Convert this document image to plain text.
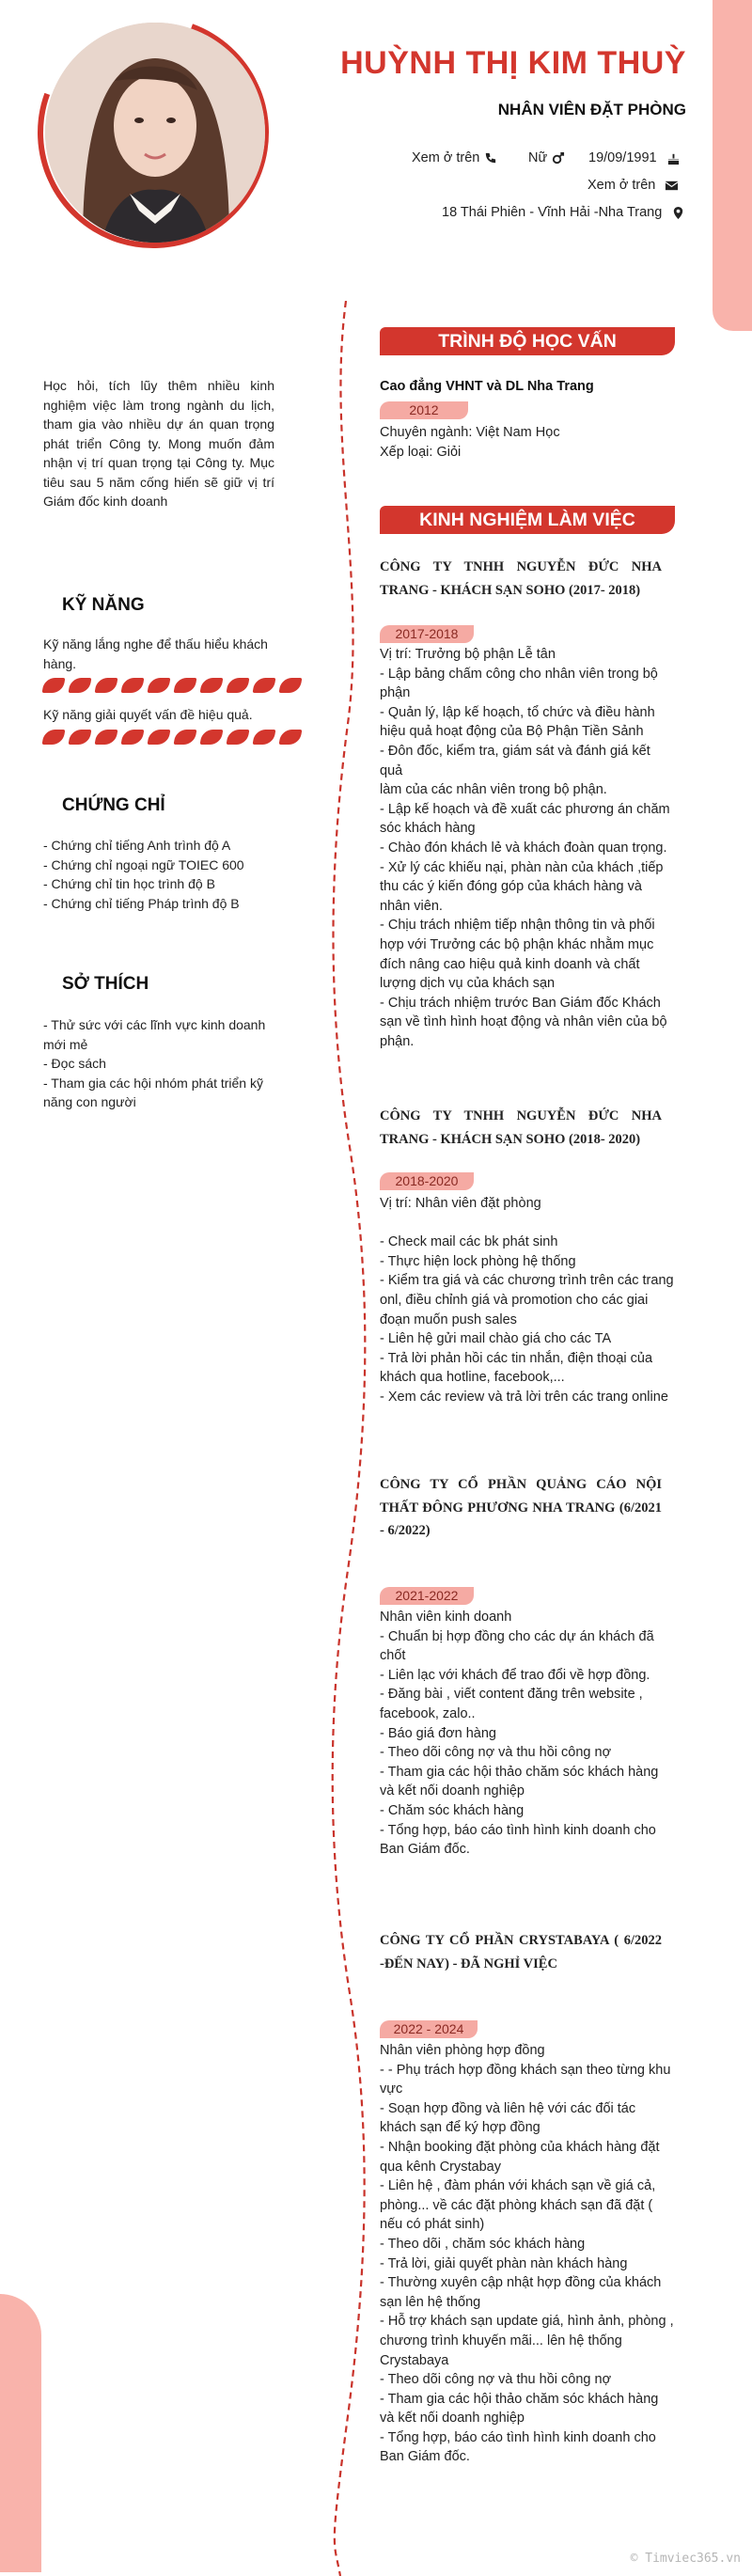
HUỲNH THỊ KIM THUỲ
NHÂN VIÊN ĐẶT PHÒNG
Xem ở trên	Nữ	19/09/1991
Xem ở trên
18 Thái Phiên - Vĩnh Hải -Nha Trang
Học hỏi, tích lũy thêm nhiều kinh nghiệm việc làm trong ngành du lịch, tham gia vào nhiều dự án quan trọng phát triển Công ty. Mong muốn đảm nhận vị trí quan trọng tại Công ty. Mục tiêu sau 5 năm cống hiến sẽ giữ vị trí Giám đốc kinh doanh
KỸ NĂNG
Kỹ năng lắng nghe để thấu hiểu khách hàng.
Kỹ năng giải quyết vấn đề hiệu quả.
CHỨNG CHỈ
- Chứng chỉ tiếng Anh trình độ A
- Chứng chỉ ngoại ngữ TOIEC 600
- Chứng chỉ tin học trình độ B
- Chứng chỉ tiếng Pháp trình độ B
SỞ THÍCH
- Thử sức với các lĩnh vực kinh doanh mới mẻ
- Đọc sách
- Tham gia các hội nhóm phát triển kỹ năng con người
TRÌNH ĐỘ HỌC VẤN
Cao đẳng VHNT và DL Nha Trang
2012
Chuyên ngành: Việt Nam Học
Xếp loại: Giỏi
KINH NGHIỆM LÀM VIỆC
CÔNG TY TNHH NGUYỄN ĐỨC NHA TRANG - KHÁCH SẠN SOHO (2017- 2018)
2017-2018
Vị trí: Trưởng bộ phận Lễ tân
- Lập bảng chấm công cho nhân viên trong bộ phận
- Quản lý, lập kế hoạch, tổ chức và điều hành hiệu quả hoạt động của Bộ Phận Tiền Sảnh
- Đôn đốc, kiểm tra, giám sát và đánh giá kết quả
làm của các nhân viên trong bộ phận.
- Lập kế hoạch và đề xuất các phương án chăm sóc khách hàng
- Chào đón khách lẻ và khách đoàn quan trọng. - Xử lý các khiếu nại, phàn nàn của khách ,tiếp thu các ý kiến đóng góp của khách hàng và nhân viên.
- Chịu trách nhiệm tiếp nhận thông tin và phối hợp với Trưởng các bộ phận khác nhằm mục đích nâng cao hiệu quả kinh doanh và chất lượng dịch vụ của khách sạn
- Chịu trách nhiệm trước Ban Giám đốc Khách sạn về tình hình hoạt động và nhân viên của bộ phận.
CÔNG TY TNHH NGUYỄN ĐỨC NHA TRANG - KHÁCH SẠN SOHO (2018- 2020)
2018-2020
Vị trí: Nhân viên đặt phòng
- Check mail các bk phát sinh
- Thực hiện lock phòng hệ thống
- Kiểm tra giá và các chương trình trên các trang onl, điều chỉnh giá và promotion cho các giai đoạn muốn push sales
- Liên hệ gửi mail chào giá cho các TA
- Trả lời phản hồi các tin nhắn, điện thoại của khách qua hotline, facebook,...
- Xem các review và trả lời trên các trang online
CÔNG TY CỔ PHẦN QUẢNG CÁO NỘI THẤT ĐÔNG PHƯƠNG NHA TRANG (6/2021 - 6/2022)
2021-2022
Nhân viên kinh doanh
- Chuẩn bị hợp đồng cho các dự án khách đã chốt
- Liên lạc với khách để trao đổi về hợp đồng.
- Đăng bài , viết content đăng trên website , facebook, zalo..
- Báo giá đơn hàng
- Theo dõi công nợ và thu hồi công nợ
- Tham gia các hội thảo chăm sóc khách hàng và kết nối doanh nghiệp
- Chăm sóc khách hàng
- Tổng hợp, báo cáo tình hình kinh doanh cho Ban Giám đốc.
CÔNG TY CỔ PHẦN CRYSTABAYA ( 6/2022 -ĐẾN NAY) - ĐÃ NGHỈ VIỆC
2022 - 2024
Nhân viên phòng hợp đồng
- - Phụ trách hợp đồng khách sạn theo từng khu vực
- Soạn hợp đồng và liên hệ với các đối tác khách sạn để ký hợp đồng
- Nhận booking đặt phòng của khách hàng đặt qua kênh Crystabay
- Liên hệ , đàm phán với khách sạn về giá cả, phòng... về các đặt phòng khách sạn đã đặt ( nếu có phát sinh)
- Theo dõi , chăm sóc khách hàng
- Trả lời, giải quyết phàn nàn khách hàng
- Thường xuyên cập nhật hợp đồng của khách sạn lên hệ thống
- Hỗ trợ khách sạn update giá, hình ảnh, phòng , chương trình khuyến mãi... lên hệ thống Crystabaya
- Theo dõi công nợ và thu hồi công nợ
- Tham gia các hội thảo chăm sóc khách hàng và kết nối doanh nghiệp
- Tổng hợp, báo cáo tình hình kinh doanh cho Ban Giám đốc.
© Timviec365.vn
